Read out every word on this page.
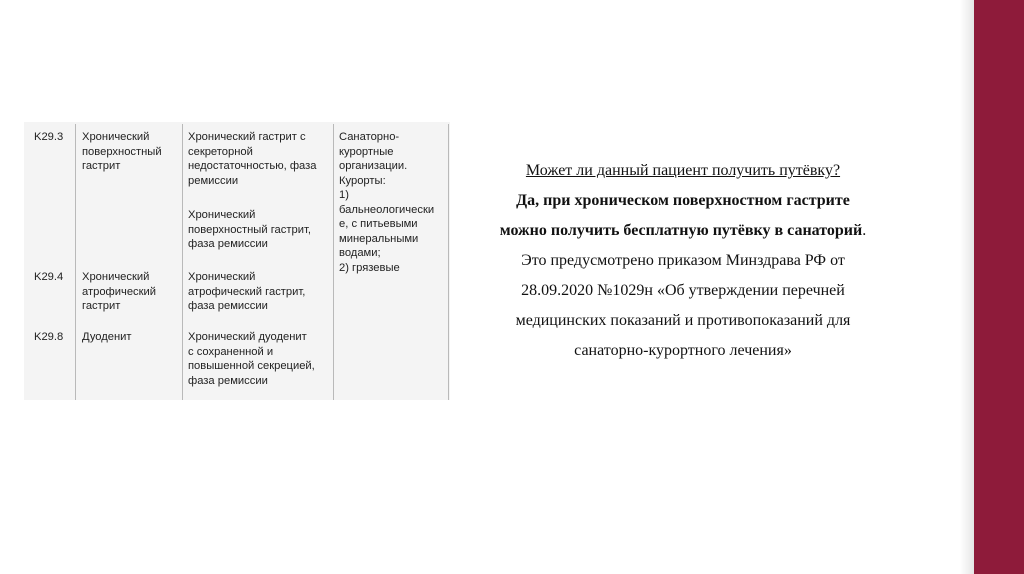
K29.3 Хронический
поверхностный
гастрит
Хронический гастрит с
секреторной
недостаточностью, фаза
ремиссии
Хронический
поверхностный гастрит,
фаза ремиссии
Санаторно-
курортные
организации.
Курорты:
1)
бальнеологически
е, с питьевыми
минеральными
водами;
2) грязевые
K29.4 Хронический
атрофический
гастрит
Хронический
атрофический гастрит,
фаза ремиссии
K29.8 Дуоденит	Хронический дуоденит
с сохраненной и
повышенной секрецией,
фаза ремиссии
Может ли данный пациент получить путёвку?
Да, при хроническом поверхностном гастрите
можно получить бесплатную путёвку в санаторий.
Это предусмотрено приказом Минздрава РФ от
28.09.2020 №1029н «Об утверждении перечней
медицинских показаний и противопоказаний для
санаторно-курортного лечения»
